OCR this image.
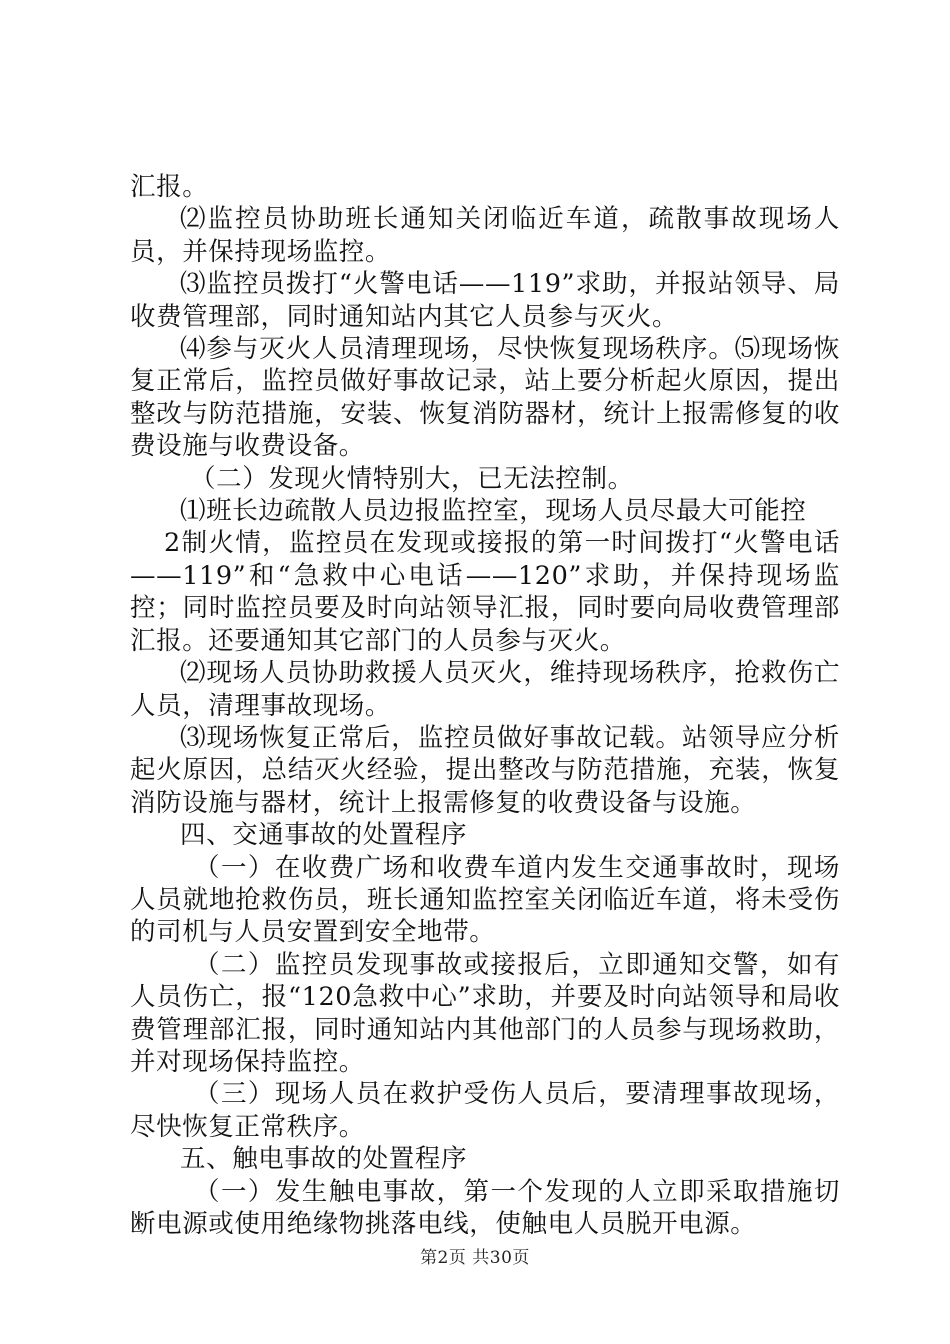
汇报。

⑵监控员协助班长通知关闭临近车道，疏散事故现场人员，并保持现场监控。

⑶监控员拨打“火警电话——119”求助，并报站领导、局收费管理部，同时通知站内其它人员参与灭火。

⑷参与灭火人员清理现场，尽快恢复现场秩序。⑸现场恢复正常后，监控员做好事故记录，站上要分析起火原因，提出整改与防范措施，安装、恢复消防器材，统计上报需修复的收费设施与收费设备。

（二）发现火情特别大，已无法控制。

⑴班长边疏散人员边报监控室，现场人员尽最大可能控

2制火情，监控员在发现或接报的第一时间拨打“火警电话——119”和“急救中心电话——120”求助，并保持现场监控；同时监控员要及时向站领导汇报，同时要向局收费管理部汇报。还要通知其它部门的人员参与灭火。

⑵现场人员协助救援人员灭火，维持现场秩序，抢救伤亡人员，清理事故现场。

⑶现场恢复正常后，监控员做好事故记载。站领导应分析起火原因，总结灭火经验，提出整改与防范措施，充装，恢复消防设施与器材，统计上报需修复的收费设备与设施。

四、交通事故的处置程序

（一）在收费广场和收费车道内发生交通事故时，现场人员就地抢救伤员，班长通知监控室关闭临近车道，将未受伤的司机与人员安置到安全地带。

（二）监控员发现事故或接报后，立即通知交警，如有人员伤亡，报“120急救中心”求助，并要及时向站领导和局收费管理部汇报，同时通知站内其他部门的人员参与现场救助，并对现场保持监控。

（三）现场人员在救护受伤人员后，要清理事故现场，尽快恢复正常秩序。

五、触电事故的处置程序

（一）发生触电事故，第一个发现的人立即采取措施切断电源或使用绝缘物挑落电线，使触电人员脱开电源。

第2页 共30页
